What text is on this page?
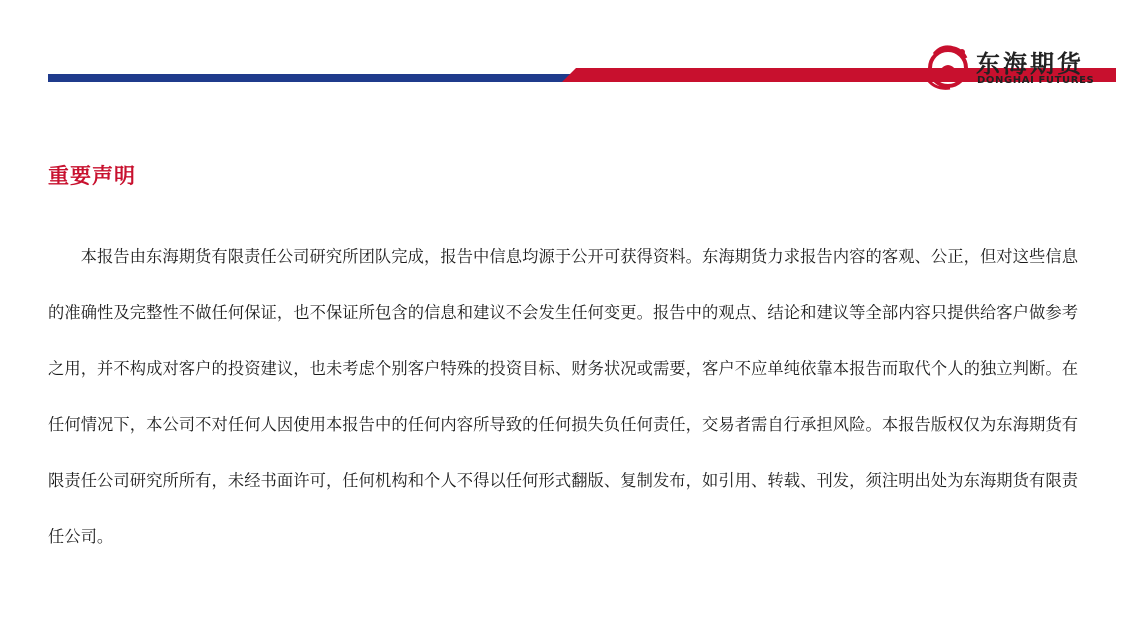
东海期货
DONGHAI FUTURES
重要声明

本报告由东海期货有限责任公司研究所团队完成，报告中信息均源于公开可获得资料。东海期货力求报告内容的客观、公正，但对这些信息的准确性及完整性不做任何保证，也不保证所包含的信息和建议不会发生任何变更。报告中的观点、结论和建议等全部内容只提供给客户做参考之用，并不构成对客户的投资建议，也未考虑个别客户特殊的投资目标、财务状况或需要，客户不应单纯依靠本报告而取代个人的独立判断。在任何情况下，本公司不对任何人因使用本报告中的任何内容所导致的任何损失负任何责任，交易者需自行承担风险。本报告版权仅为东海期货有限责任公司研究所所有，未经书面许可，任何机构和个人不得以任何形式翻版、复制发布，如引用、转载、刊发，须注明出处为东海期货有限责任公司。
